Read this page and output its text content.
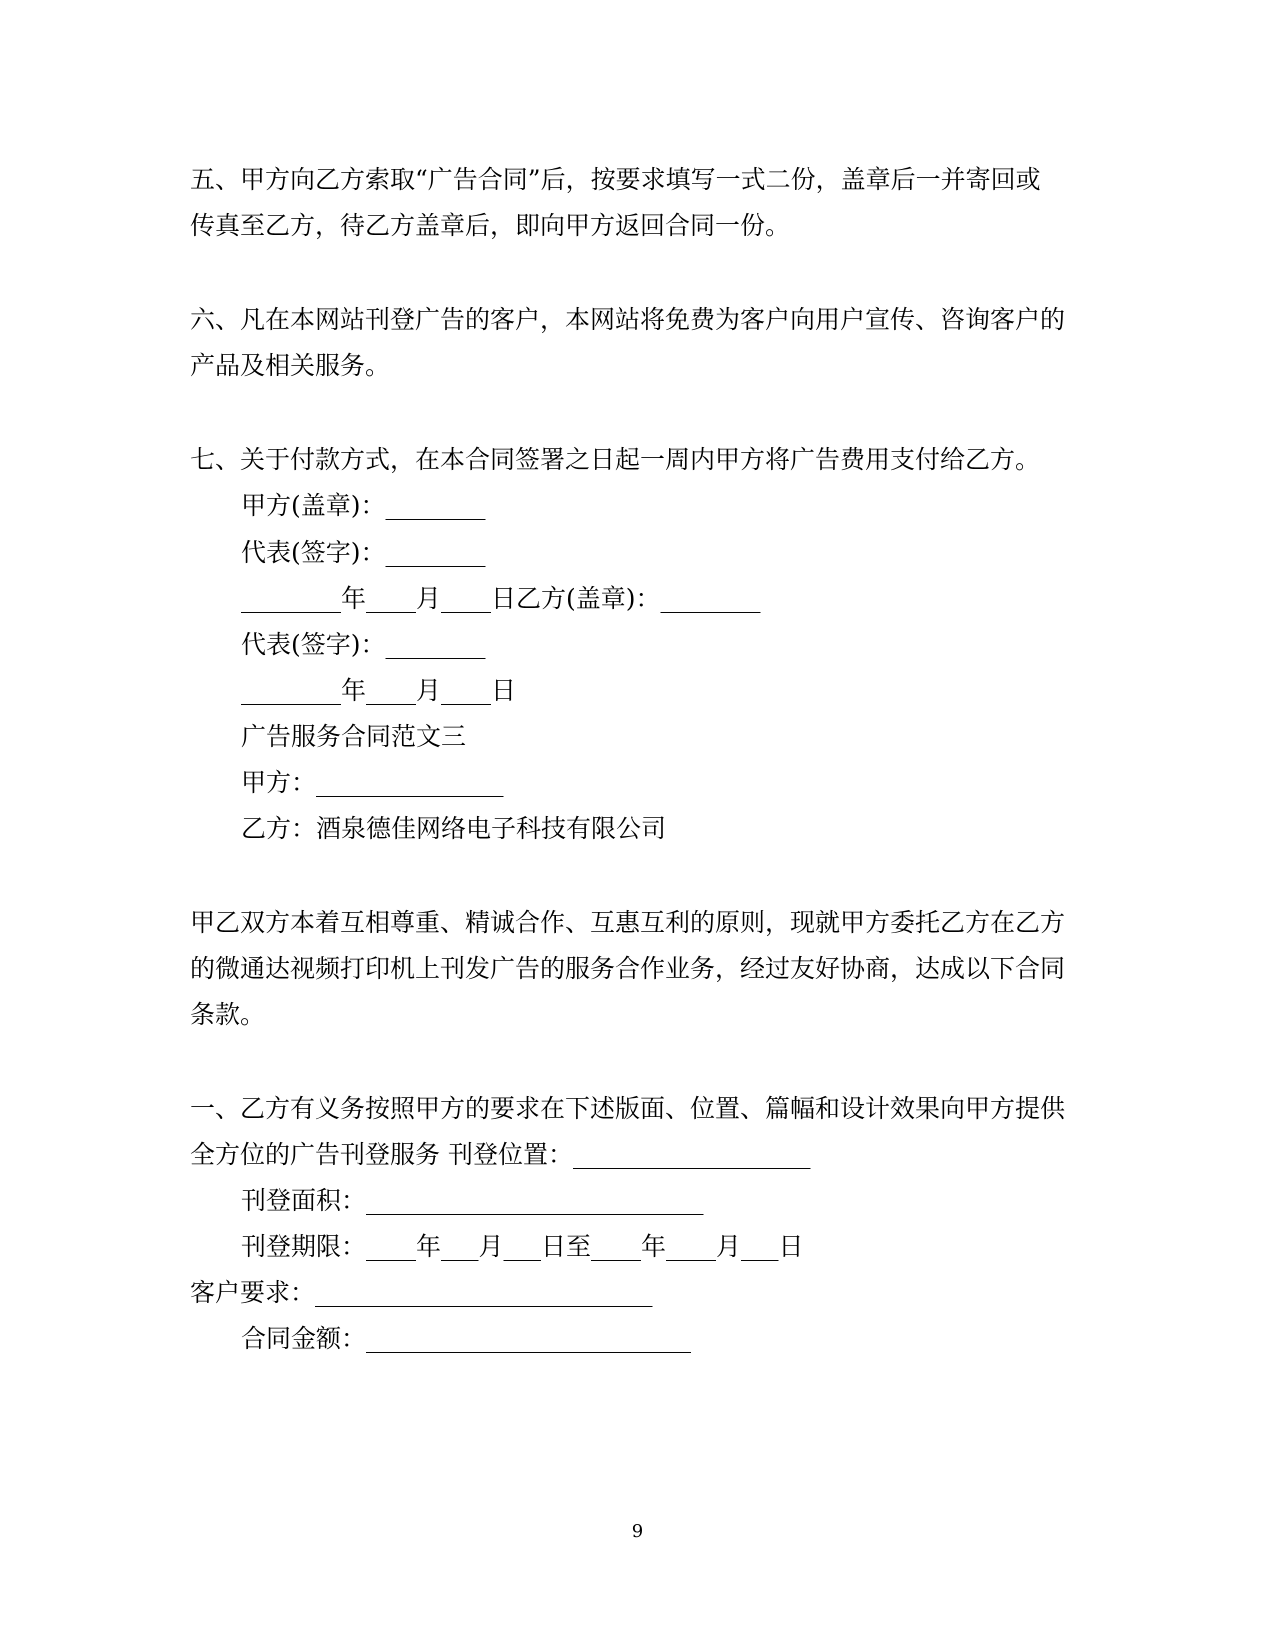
五、甲方向乙方索取“广告合同”后，按要求填写一式二份，盖章后一并寄回或
传真至乙方，待乙方盖章后，即向甲方返回合同一份。
六、凡在本网站刊登广告的客户，本网站将免费为客户向用户宣传、咨询客户的
产品及相关服务。
七、关于付款方式，在本合同签署之日起一周内甲方将广告费用支付给乙方。
甲方(盖章)：________
代表(签字)：________
________年____月____日乙方(盖章)：________
代表(签字)：________
________年____月____日
广告服务合同范文三
甲方：_______________
乙方：酒泉德佳网络电子科技有限公司
甲乙双方本着互相尊重、精诚合作、互惠互利的原则，现就甲方委托乙方在乙方
的微通达视频打印机上刊发广告的服务合作业务，经过友好协商，达成以下合同
条款。
一、乙方有义务按照甲方的要求在下述版面、位置、篇幅和设计效果向甲方提供
全方位的广告刊登服务 刊登位置：___________________
刊登面积：___________________________
刊登期限：____年___月___日至____年____月___日
客户要求：___________________________
合同金额：__________________________
9
